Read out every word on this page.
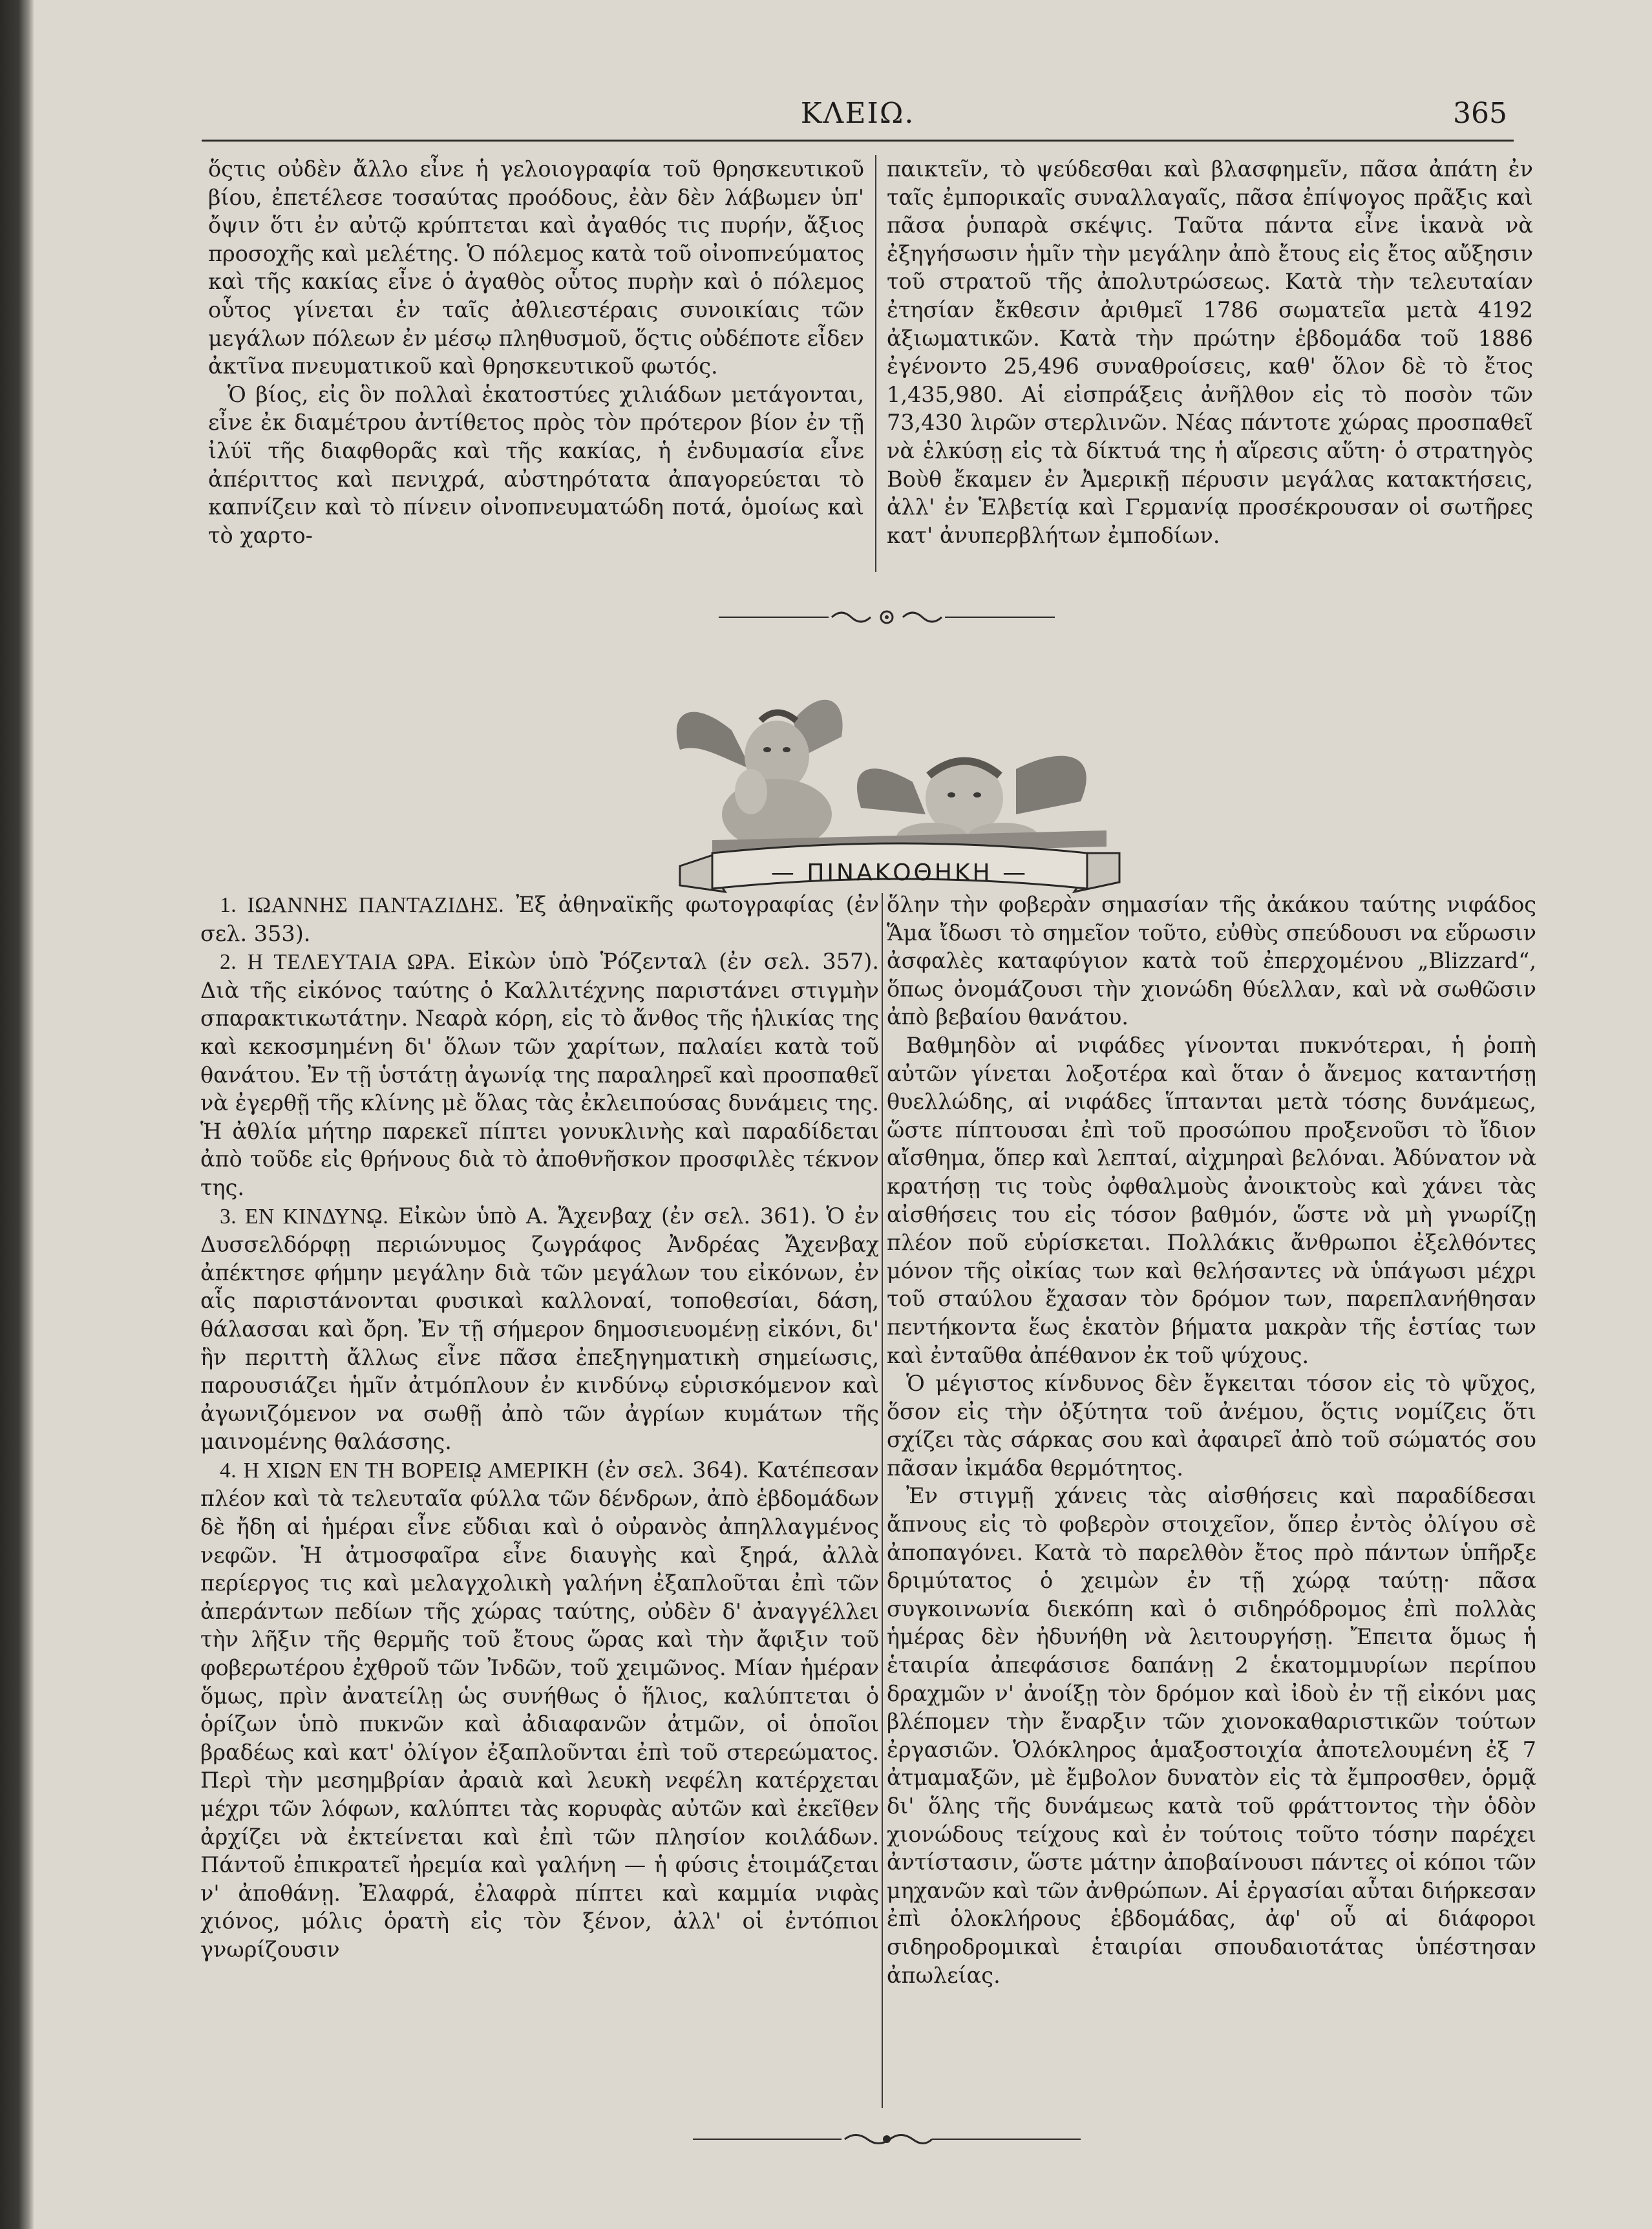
ΚΛΕΙΩ.	365

ὅςτις οὐδὲν ἄλλο εἶνε ἡ γελοιογραφία τοῦ θρησκευτικοῦ βίου, ἐπετέλεσε τοσαύτας προόδους, ἐὰν δὲν λάβωμεν ὑπ' ὄψιν ὅτι ἐν αὐτῷ κρύπτεται καὶ ἀγαθός τις πυρήν, ἄξιος προσοχῆς καὶ μελέτης. Ὁ πόλεμος κατὰ τοῦ οἰνοπνεύματος καὶ τῆς κακίας εἶνε ὁ ἀγαθὸς οὗτος πυρὴν καὶ ὁ πόλεμος οὗτος γίνεται ἐν ταῖς ἀθλιεστέραις συνοικίαις τῶν μεγάλων πόλεων ἐν μέσῳ πληθυσμοῦ, ὅςτις οὐδέποτε εἶδεν ἀκτῖνα πνευματικοῦ καὶ θρησκευτικοῦ φωτός.

Ὁ βίος, εἰς ὃν πολλαὶ ἑκατοστύες χιλιάδων μετάγονται, εἶνε ἐκ διαμέτρου ἀντίθετος πρὸς τὸν πρότερον βίον ἐν τῇ ἰλύϊ τῆς διαφθορᾶς καὶ τῆς κακίας, ἡ ἐνδυμασία εἶνε ἀπέριττος καὶ πενιχρά, αὐστηρότατα ἀπαγορεύεται τὸ καπνίζειν καὶ τὸ πίνειν οἰνοπνευματώδη ποτά, ὁμοίως καὶ τὸ χαρτο-

παικτεῖν, τὸ ψεύδεσθαι καὶ βλασφημεῖν, πᾶσα ἀπάτη ἐν ταῖς ἐμπορικαῖς συναλλαγαῖς, πᾶσα ἐπίψογος πρᾶξις καὶ πᾶσα ῥυπαρὰ σκέψις. Ταῦτα πάντα εἶνε ἱκανὰ νὰ ἐξηγήσωσιν ἡμῖν τὴν μεγάλην ἀπὸ ἔτους εἰς ἔτος αὔξησιν τοῦ στρατοῦ τῆς ἀπολυτρώσεως. Κατὰ τὴν τελευταίαν ἐτησίαν ἔκθεσιν ἀριθμεῖ 1786 σωματεῖα μετὰ 4192 ἀξιωματικῶν. Κατὰ τὴν πρώτην ἑβδομάδα τοῦ 1886 ἐγένοντο 25,496 συναθροίσεις, καθ' ὅλον δὲ τὸ ἔτος 1,435,980. Αἱ εἰσπράξεις ἀνῆλθον εἰς τὸ ποσὸν τῶν 73,430 λιρῶν στερλινῶν. Νέας πάντοτε χώρας προσπαθεῖ νὰ ἑλκύσῃ εἰς τὰ δίκτυά της ἡ αἵρεσις αὕτη· ὁ στρατηγὸς Βοὺθ ἔκαμεν ἐν Ἀμερικῇ πέρυσιν μεγάλας κατακτήσεις, ἀλλ' ἐν Ἑλβετίᾳ καὶ Γερμανίᾳ προσέκρουσαν οἱ σωτῆρες κατ' ἀνυπερβλήτων ἐμποδίων.

— ΠΙΝΑΚΟΘΗΚΗ —

1. ΙΩΑΝΝΗΣ ΠΑΝΤΑΖΙΔΗΣ. Ἐξ ἀθηναϊκῆς φωτογραφίας (ἐν σελ. 353).

2. Η ΤΕΛΕΥΤΑΙΑ ΩΡΑ. Εἰκὼν ὑπὸ Ῥόζενταλ (ἐν σελ. 357). Διὰ τῆς εἰκόνος ταύτης ὁ Καλλιτέχνης παριστάνει στιγμὴν σπαρακτικωτάτην. Νεαρὰ κόρη, εἰς τὸ ἄνθος τῆς ἡλικίας της καὶ κεκοσμημένη δι' ὅλων τῶν χαρίτων, παλαίει κατὰ τοῦ θανάτου. Ἐν τῇ ὑστάτῃ ἀγωνίᾳ της παραληρεῖ καὶ προσπαθεῖ νὰ ἐγερθῇ τῆς κλίνης μὲ ὅλας τὰς ἐκλειπούσας δυνάμεις της. Ἡ ἀθλία μήτηρ παρεκεῖ πίπτει γονυκλινὴς καὶ παραδίδεται ἀπὸ τοῦδε εἰς θρήνους διὰ τὸ ἀποθνῆσκον προσφιλὲς τέκνον της.

3. ΕΝ ΚΙΝΔΥΝῼ. Εἰκὼν ὑπὸ Α. Ἄχενβαχ (ἐν σελ. 361). Ὁ ἐν Δυσσελδόρφῃ περιώνυμος ζωγράφος Ἀνδρέας Ἄχενβαχ ἀπέκτησε φήμην μεγάλην διὰ τῶν μεγάλων του εἰκόνων, ἐν αἷς παριστάνονται φυσικαὶ καλλοναί, τοποθεσίαι, δάση, θάλασσαι καὶ ὄρη. Ἐν τῇ σήμερον δημοσιευομένῃ εἰκόνι, δι' ἣν περιττὴ ἄλλως εἶνε πᾶσα ἐπεξηγηματικὴ σημείωσις, παρουσιάζει ἡμῖν ἀτμόπλουν ἐν κινδύνῳ εὑρισκόμενον καὶ ἀγωνιζόμενον να σωθῇ ἀπὸ τῶν ἀγρίων κυμάτων τῆς μαινομένης θαλάσσης.

4. Η ΧΙΩΝ ΕΝ ΤΗ ΒΟΡΕΙῼ ΑΜΕΡΙΚΗ (ἐν σελ. 364). Κατέπεσαν πλέον καὶ τὰ τελευταῖα φύλλα τῶν δένδρων, ἀπὸ ἑβδομάδων δὲ ἤδη αἱ ἡμέραι εἶνε εὔδιαι καὶ ὁ οὐρανὸς ἀπηλλαγμένος νεφῶν. Ἡ ἀτμοσφαῖρα εἶνε διαυγὴς καὶ ξηρά, ἀλλὰ περίεργος τις καὶ μελαγχολικὴ γαλήνη ἐξαπλοῦται ἐπὶ τῶν ἀπεράντων πεδίων τῆς χώρας ταύτης, οὐδὲν δ' ἀναγγέλλει τὴν λῆξιν τῆς θερμῆς τοῦ ἔτους ὥρας καὶ τὴν ἄφιξιν τοῦ φοβερωτέρου ἐχθροῦ τῶν Ἰνδῶν, τοῦ χειμῶνος. Μίαν ἡμέραν ὅμως, πρὶν ἀνατείλῃ ὡς συνήθως ὁ ἥλιος, καλύπτεται ὁ ὁρίζων ὑπὸ πυκνῶν καὶ ἀδιαφανῶν ἀτμῶν, οἱ ὁποῖοι βραδέως καὶ κατ' ὀλίγον ἐξαπλοῦνται ἐπὶ τοῦ στερεώματος. Περὶ τὴν μεσημβρίαν ἀραιὰ καὶ λευκὴ νεφέλη κατέρχεται μέχρι τῶν λόφων, καλύπτει τὰς κορυφὰς αὐτῶν καὶ ἐκεῖθεν ἀρχίζει νὰ ἐκτείνεται καὶ ἐπὶ τῶν πλησίον κοιλάδων. Πάντοῦ ἐπικρατεῖ ἠρεμία καὶ γαλήνη — ἡ φύσις ἑτοιμάζεται ν' ἀποθάνῃ. Ἐλαφρά, ἐλαφρὰ πίπτει καὶ καμμία νιφὰς χιόνος, μόλις ὁρατὴ εἰς τὸν ξένον, ἀλλ' οἱ ἐντόπιοι γνωρίζουσιν

ὅλην τὴν φοβερὰν σημασίαν τῆς ἀκάκου ταύτης νιφάδος Ἅμα ἴδωσι τὸ σημεῖον τοῦτο, εὐθὺς σπεύδουσι να εὕρωσιν ἀσφαλὲς καταφύγιον κατὰ τοῦ ἐπερχομένου „Blizzard“, ὅπως ὀνομάζουσι τὴν χιονώδη θύελλαν, καὶ νὰ σωθῶσιν ἀπὸ βεβαίου θανάτου.

Βαθμηδὸν αἱ νιφάδες γίνονται πυκνότεραι, ἡ ῥοπὴ αὐτῶν γίνεται λοξοτέρα καὶ ὅταν ὁ ἄνεμος καταντήσῃ θυελλώδης, αἱ νιφάδες ἵπτανται μετὰ τόσης δυνάμεως, ὥστε πίπτουσαι ἐπὶ τοῦ προσώπου προξενοῦσι τὸ ἴδιον αἴσθημα, ὅπερ καὶ λεπταί, αἰχμηραὶ βελόναι. Ἀδύνατον νὰ κρατήσῃ τις τοὺς ὀφθαλμοὺς ἀνοικτοὺς καὶ χάνει τὰς αἰσθήσεις του εἰς τόσον βαθμόν, ὥστε νὰ μὴ γνωρίζῃ πλέον ποῦ εὑρίσκεται. Πολλάκις ἄνθρωποι ἐξελθόντες μόνον τῆς οἰκίας των καὶ θελήσαντες νὰ ὑπάγωσι μέχρι τοῦ σταύλου ἔχασαν τὸν δρόμον των, παρεπλανήθησαν πεντήκοντα ἕως ἑκατὸν βήματα μακρὰν τῆς ἑστίας των καὶ ἐνταῦθα ἀπέθανον ἐκ τοῦ ψύχους.

Ὁ μέγιστος κίνδυνος δὲν ἔγκειται τόσον εἰς τὸ ψῦχος, ὅσον εἰς τὴν ὀξύτητα τοῦ ἀνέμου, ὅςτις νομίζεις ὅτι σχίζει τὰς σάρκας σου καὶ ἀφαιρεῖ ἀπὸ τοῦ σώματός σου πᾶσαν ἰκμάδα θερμότητος.

Ἐν στιγμῇ χάνεις τὰς αἰσθήσεις καὶ παραδίδεσαι ἄπνους εἰς τὸ φοβερὸν στοιχεῖον, ὅπερ ἐντὸς ὀλίγου σὲ ἀποπαγόνει. Κατὰ τὸ παρελθὸν ἔτος πρὸ πάντων ὑπῆρξε δριμύτατος ὁ χειμὼν ἐν τῇ χώρᾳ ταύτῃ· πᾶσα συγκοινωνία διεκόπη καὶ ὁ σιδηρόδρομος ἐπὶ πολλὰς ἡμέρας δὲν ἠδυνήθη νὰ λειτουργήσῃ. Ἔπειτα ὅμως ἡ ἑταιρία ἀπεφάσισε δαπάνῃ 2 ἑκατομμυρίων περίπου δραχμῶν ν' ἀνοίξῃ τὸν δρόμον καὶ ἰδοὺ ἐν τῇ εἰκόνι μας βλέπομεν τὴν ἔναρξιν τῶν χιονοκαθαριστικῶν τούτων ἐργασιῶν. Ὁλόκληρος ἁμαξοστοιχία ἀποτελουμένη ἐξ 7 ἀτμαμαξῶν, μὲ ἔμβολον δυνατὸν εἰς τὰ ἔμπροσθεν, ὁρμᾷ δι' ὅλης τῆς δυνάμεως κατὰ τοῦ φράττοντος τὴν ὁδὸν χιονώδους τείχους καὶ ἐν τούτοις τοῦτο τόσην παρέχει ἀντίστασιν, ὥστε μάτην ἀποβαίνουσι πάντες οἱ κόποι τῶν μηχανῶν καὶ τῶν ἀνθρώπων. Αἱ ἐργασίαι αὗται διήρκεσαν ἐπὶ ὁλοκλήρους ἑβδομάδας, ἀφ' οὗ αἱ διάφοροι σιδηροδρομικαὶ ἑταιρίαι σπουδαιοτάτας ὑπέστησαν ἀπωλείας.
